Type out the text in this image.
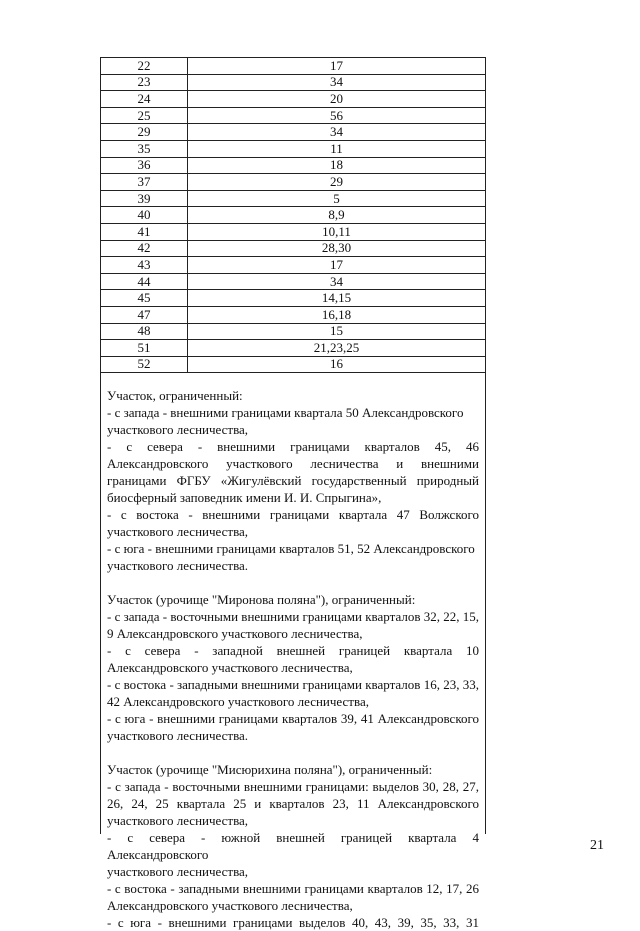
22	17
23	34
24	20
25	56
29	34
35	11
36	18
37	29
39	5
40	8,9
41	10,11
42	28,30
43	17
44	34
45	14,15
47	16,18
48	15
51	21,23,25
52	16
Участок, ограниченный:
- с запада - внешними границами квартала 50 Александровского
участкового лесничества,
- с севера - внешними границами кварталов 45, 46
Александровского участкового лесничества и внешними
границами ФГБУ «Жигулёвский государственный природный
биосферный заповедник имени И. И. Спрыгина»,
- с востока - внешними границами квартала 47 Волжского
участкового лесничества,
- с юга - внешними границами кварталов 51, 52 Александровского
участкового лесничества.
Участок (урочище "Миронова поляна"), ограниченный:
- с запада - восточными внешними границами кварталов 32, 22, 15,
9 Александровского участкового лесничества,
- с севера - западной внешней границей квартала 10
Александровского участкового лесничества,
- с востока - западными внешними границами кварталов 16, 23, 33,
42 Александровского участкового лесничества,
- с юга - внешними границами кварталов 39, 41 Александровского
участкового лесничества.
Участок (урочище "Мисюрихина поляна"), ограниченный:
- с запада - восточными внешними границами: выделов 30, 28, 27,
26, 24, 25 квартала 25 и кварталов 23, 11 Александровского
участкового лесничества,
- с севера - южной внешней границей квартала 4 Александровского
участкового лесничества,
- с востока - западными внешними границами кварталов 12, 17, 26
Александровского участкового лесничества,
- с юга - внешними границами выделов 40, 43, 39, 35, 33, 31
21
